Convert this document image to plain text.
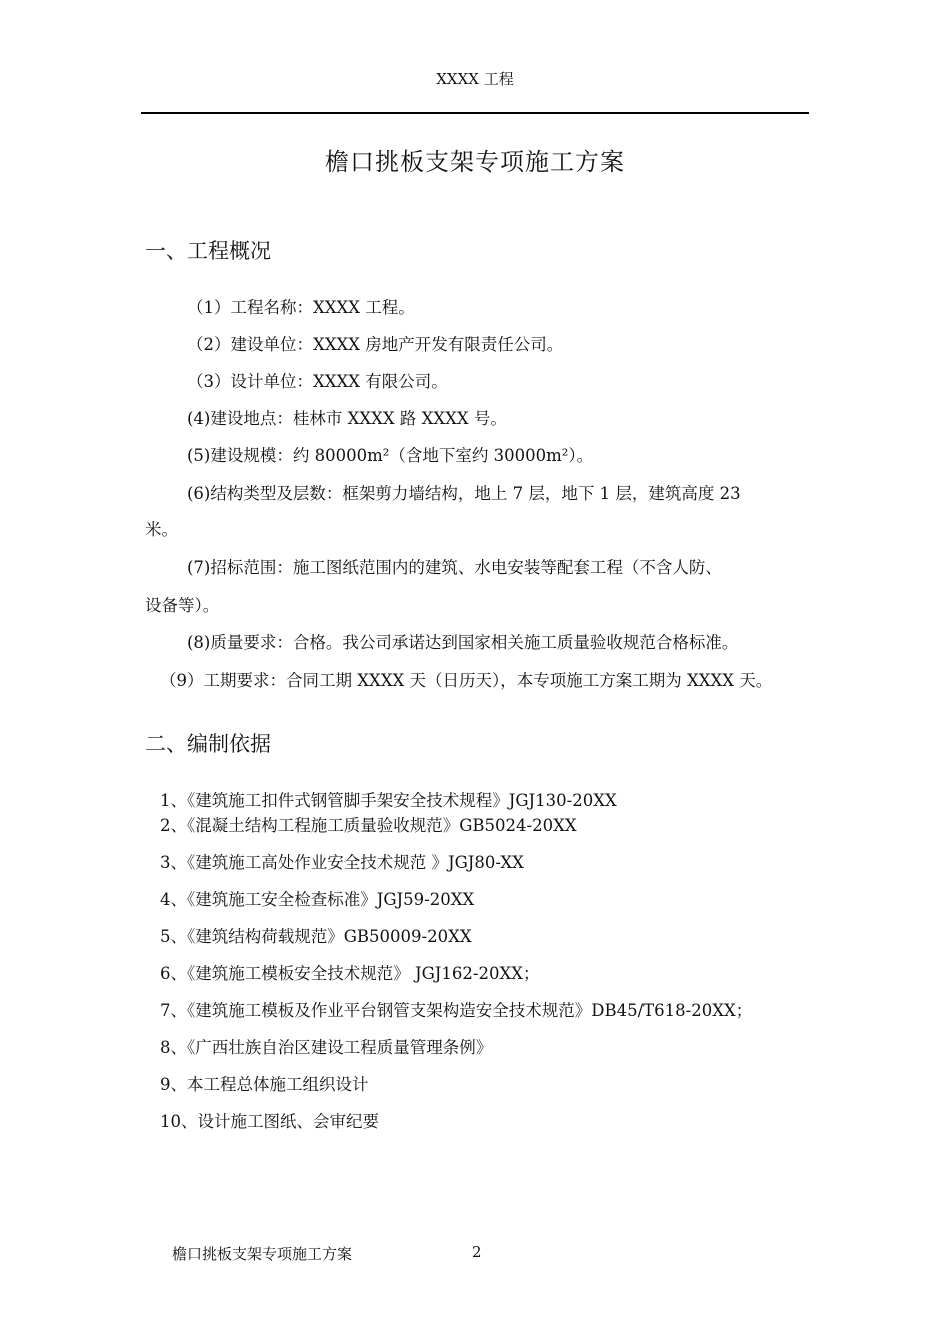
XXXX 工程
檐口挑板支架专项施工方案
一、工程概况
（1）工程名称：XXXX 工程。
（2）建设单位：XXXX 房地产开发有限责任公司。
（3）设计单位：XXXX 有限公司。
(4)建设地点：桂林市 XXXX 路 XXXX 号。
(5)建设规模：约 80000m²（含地下室约 30000m²）。
(6)结构类型及层数：框架剪力墙结构，地上 7 层，地下 1 层，建筑高度 23
米。
(7)招标范围：施工图纸范围内的建筑、水电安装等配套工程（不含人防、
设备等）。
(8)质量要求：合格。我公司承诺达到国家相关施工质量验收规范合格标准。
（9）工期要求：合同工期 XXXX 天（日历天），本专项施工方案工期为 XXXX 天。
二、编制依据
1、《建筑施工扣件式钢管脚手架安全技术规程》JGJ130-20XX
2、《混凝土结构工程施工质量验收规范》GB5024-20XX
3、《建筑施工高处作业安全技术规范 》JGJ80-XX
4、《建筑施工安全检查标准》JGJ59-20XX
5、《建筑结构荷载规范》GB50009-20XX
6、《建筑施工模板安全技术规范》 JGJ162-20XX；
7、《建筑施工模板及作业平台钢管支架构造安全技术规范》DB45/T618-20XX；
8、《广西壮族自治区建设工程质量管理条例》
9、本工程总体施工组织设计
10、设计施工图纸、会审纪要
檐口挑板支架专项施工方案	2
